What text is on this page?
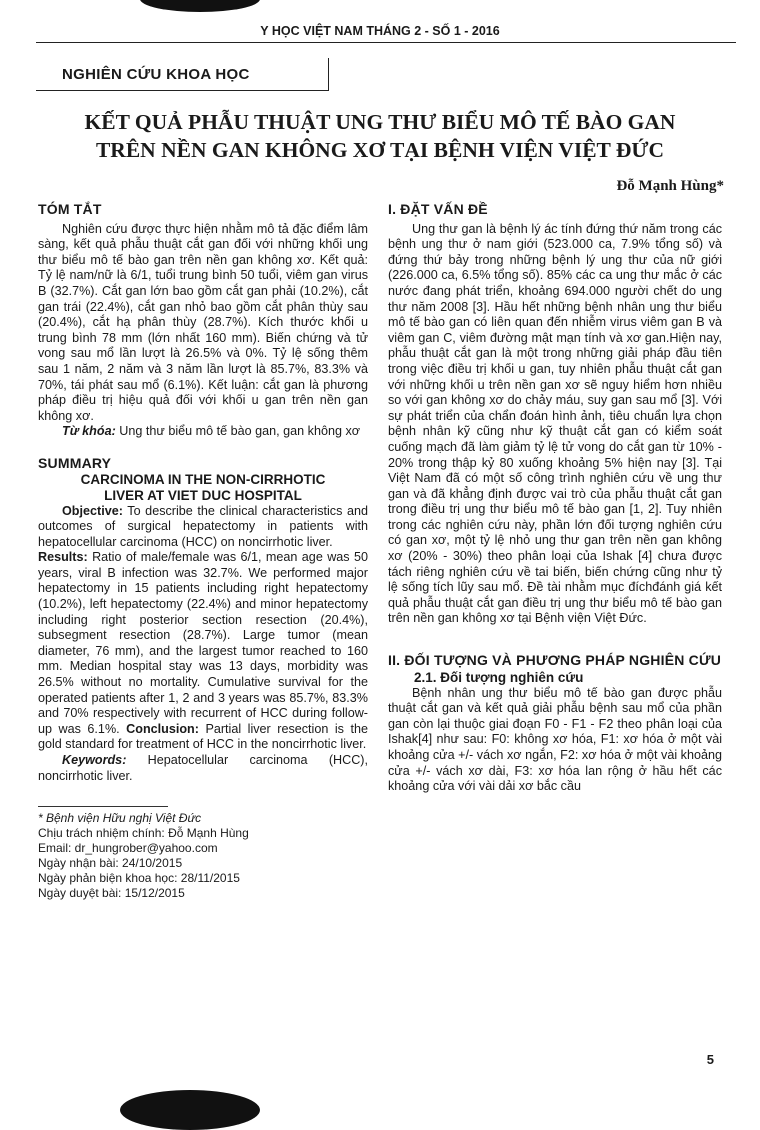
Y HỌC VIỆT NAM THÁNG 2 - SỐ 1 - 2016
NGHIÊN CỨU KHOA HỌC
KẾT QUẢ PHẪU THUẬT UNG THƯ BIỂU MÔ TẾ BÀO GAN
TRÊN NỀN GAN KHÔNG XƠ TẠI BỆNH VIỆN VIỆT ĐỨC
Đỗ Mạnh Hùng*
TÓM TẮT

Nghiên cứu được thực hiện nhằm mô tả đặc điểm lâm sàng, kết quả phẫu thuật cắt gan đối với những khối ung thư biểu mô tế bào gan trên nền gan không xơ. Kết quả: Tỷ lệ nam/nữ là 6/1, tuổi trung bình 50 tuổi, viêm gan virus B (32.7%). Cắt gan lớn bao gồm cắt gan phải (10.2%), cắt gan trái (22.4%), cắt gan nhỏ bao gồm cắt phân thùy sau (20.4%), cắt hạ phân thùy (28.7%). Kích thước khối u trung bình 78 mm (lớn nhất 160 mm). Biến chứng và tử vong sau mổ lần lượt là 26.5% và 0%. Tỷ lệ sống thêm sau 1 năm, 2 năm và 3 năm lần lượt là 85.7%, 83.3% và 70%, tái phát sau mổ (6.1%). Kết luận: cắt gan là phương pháp điều trị hiệu quả đối với khối u gan trên nền gan không xơ.

Từ khóa: Ung thư biểu mô tế bào gan, gan không xơ

SUMMARY
CARCINOMA IN THE NON-CIRRHOTIC
LIVER AT VIET DUC HOSPITAL

Objective: To describe the clinical characteristics and outcomes of surgical hepatectomy in patients with hepatocellular carcinoma (HCC) on noncirrhotic liver.

Results: Ratio of male/female was 6/1, mean age was 50 years, viral B infection was 32.7%. We performed major hepatectomy in 15 patients including right hepatectomy (10.2%), left hepatectomy (22.4%) and minor hepatectomy including right posterior section resection (20.4%), subsegment resection (28.7%). Large tumor (mean diameter, 76 mm), and the largest tumor reached to 160 mm. Median hospital stay was 13 days, morbidity was 26.5% without no mortality. Cumulative survival for the operated patients after 1, 2 and 3 years was 85.7%, 83.3% and 70% respectively with recurrent of HCC during follow-up was 6.1%. Conclusion: Partial liver resection is the gold standard for treatment of HCC in the noncirrhotic liver.

Keywords: Hepatocellular carcinoma (HCC), noncirrhotic liver.

* Bệnh viện Hữu nghị Việt Đức
Chịu trách nhiệm chính: Đỗ Mạnh Hùng
Email: dr_hungrober@yahoo.com
Ngày nhận bài: 24/10/2015
Ngày phản biện khoa học: 28/11/2015
Ngày duyệt bài: 15/12/2015
I. ĐẶT VẤN ĐỀ

Ung thư gan là bệnh lý ác tính đứng thứ năm trong các bệnh ung thư ở nam giới (523.000 ca, 7.9% tổng số) và đứng thứ bảy trong những bệnh lý ung thư của nữ giới (226.000 ca, 6.5% tổng số). 85% các ca ung thư mắc ở các nước đang phát triển, khoảng 694.000 người chết do ung thư năm 2008 [3]. Hầu hết những bệnh nhân ung thư biểu mô tế bào gan có liên quan đến nhiễm virus viêm gan B và viêm gan C, viêm đường mật mạn tính và xơ gan.Hiện nay, phẫu thuật cắt gan là một trong những giải pháp đầu tiên trong việc điều trị khối u gan, tuy nhiên phẫu thuật cắt gan với những khối u trên nền gan xơ sẽ nguy hiểm hơn nhiều so với gan không xơ do chảy máu, suy gan sau mổ [3]. Với sự phát triển của chẩn đoán hình ảnh, tiêu chuẩn lựa chọn bệnh nhân kỹ cũng như kỹ thuật cắt gan có kiểm soát cuống mạch đã làm giảm tỷ lệ tử vong do cắt gan từ 10% - 20% trong thập kỷ 80 xuống khoảng 5% hiện nay [3]. Tại Việt Nam đã có một số công trình nghiên cứu về ung thư gan và đã khẳng định được vai trò của phẫu thuật cắt gan trong điều trị ung thư biểu mô tế bào gan [1, 2]. Tuy nhiên trong các nghiên cứu này, phần lớn đối tượng nghiên cứu có gan xơ, một tỷ lệ nhỏ ung thư gan trên nền gan không xơ (20% - 30%) theo phân loại của Ishak [4] chưa được tách riêng nghiên cứu về tai biến, biến chứng cũng như tỷ lệ sống tích lũy sau mổ. Đề tài nhằm mục đíchđánh giá kết quả phẫu thuật cắt gan điều trị ung thư biểu mô tế bào gan trên nền gan không xơ tại Bệnh viện Việt Đức.

II. ĐỐI TƯỢNG VÀ PHƯƠNG PHÁP NGHIÊN CỨU
2.1. Đối tượng nghiên cứu

Bệnh nhân ung thư biểu mô tế bào gan được phẫu thuật cắt gan và kết quả giải phẫu bệnh sau mổ của phần gan còn lại thuộc giai đoạn F0 - F1 - F2 theo phân loại của Ishak[4] như sau: F0: không xơ hóa, F1: xơ hóa ở một vài khoảng cửa +/- vách xơ ngắn, F2: xơ hóa ở một vài khoảng cửa +/- vách xơ dài, F3: xơ hóa lan rộng ở hầu hết các khoảng cửa với vài dải xơ bắc cầu

5
